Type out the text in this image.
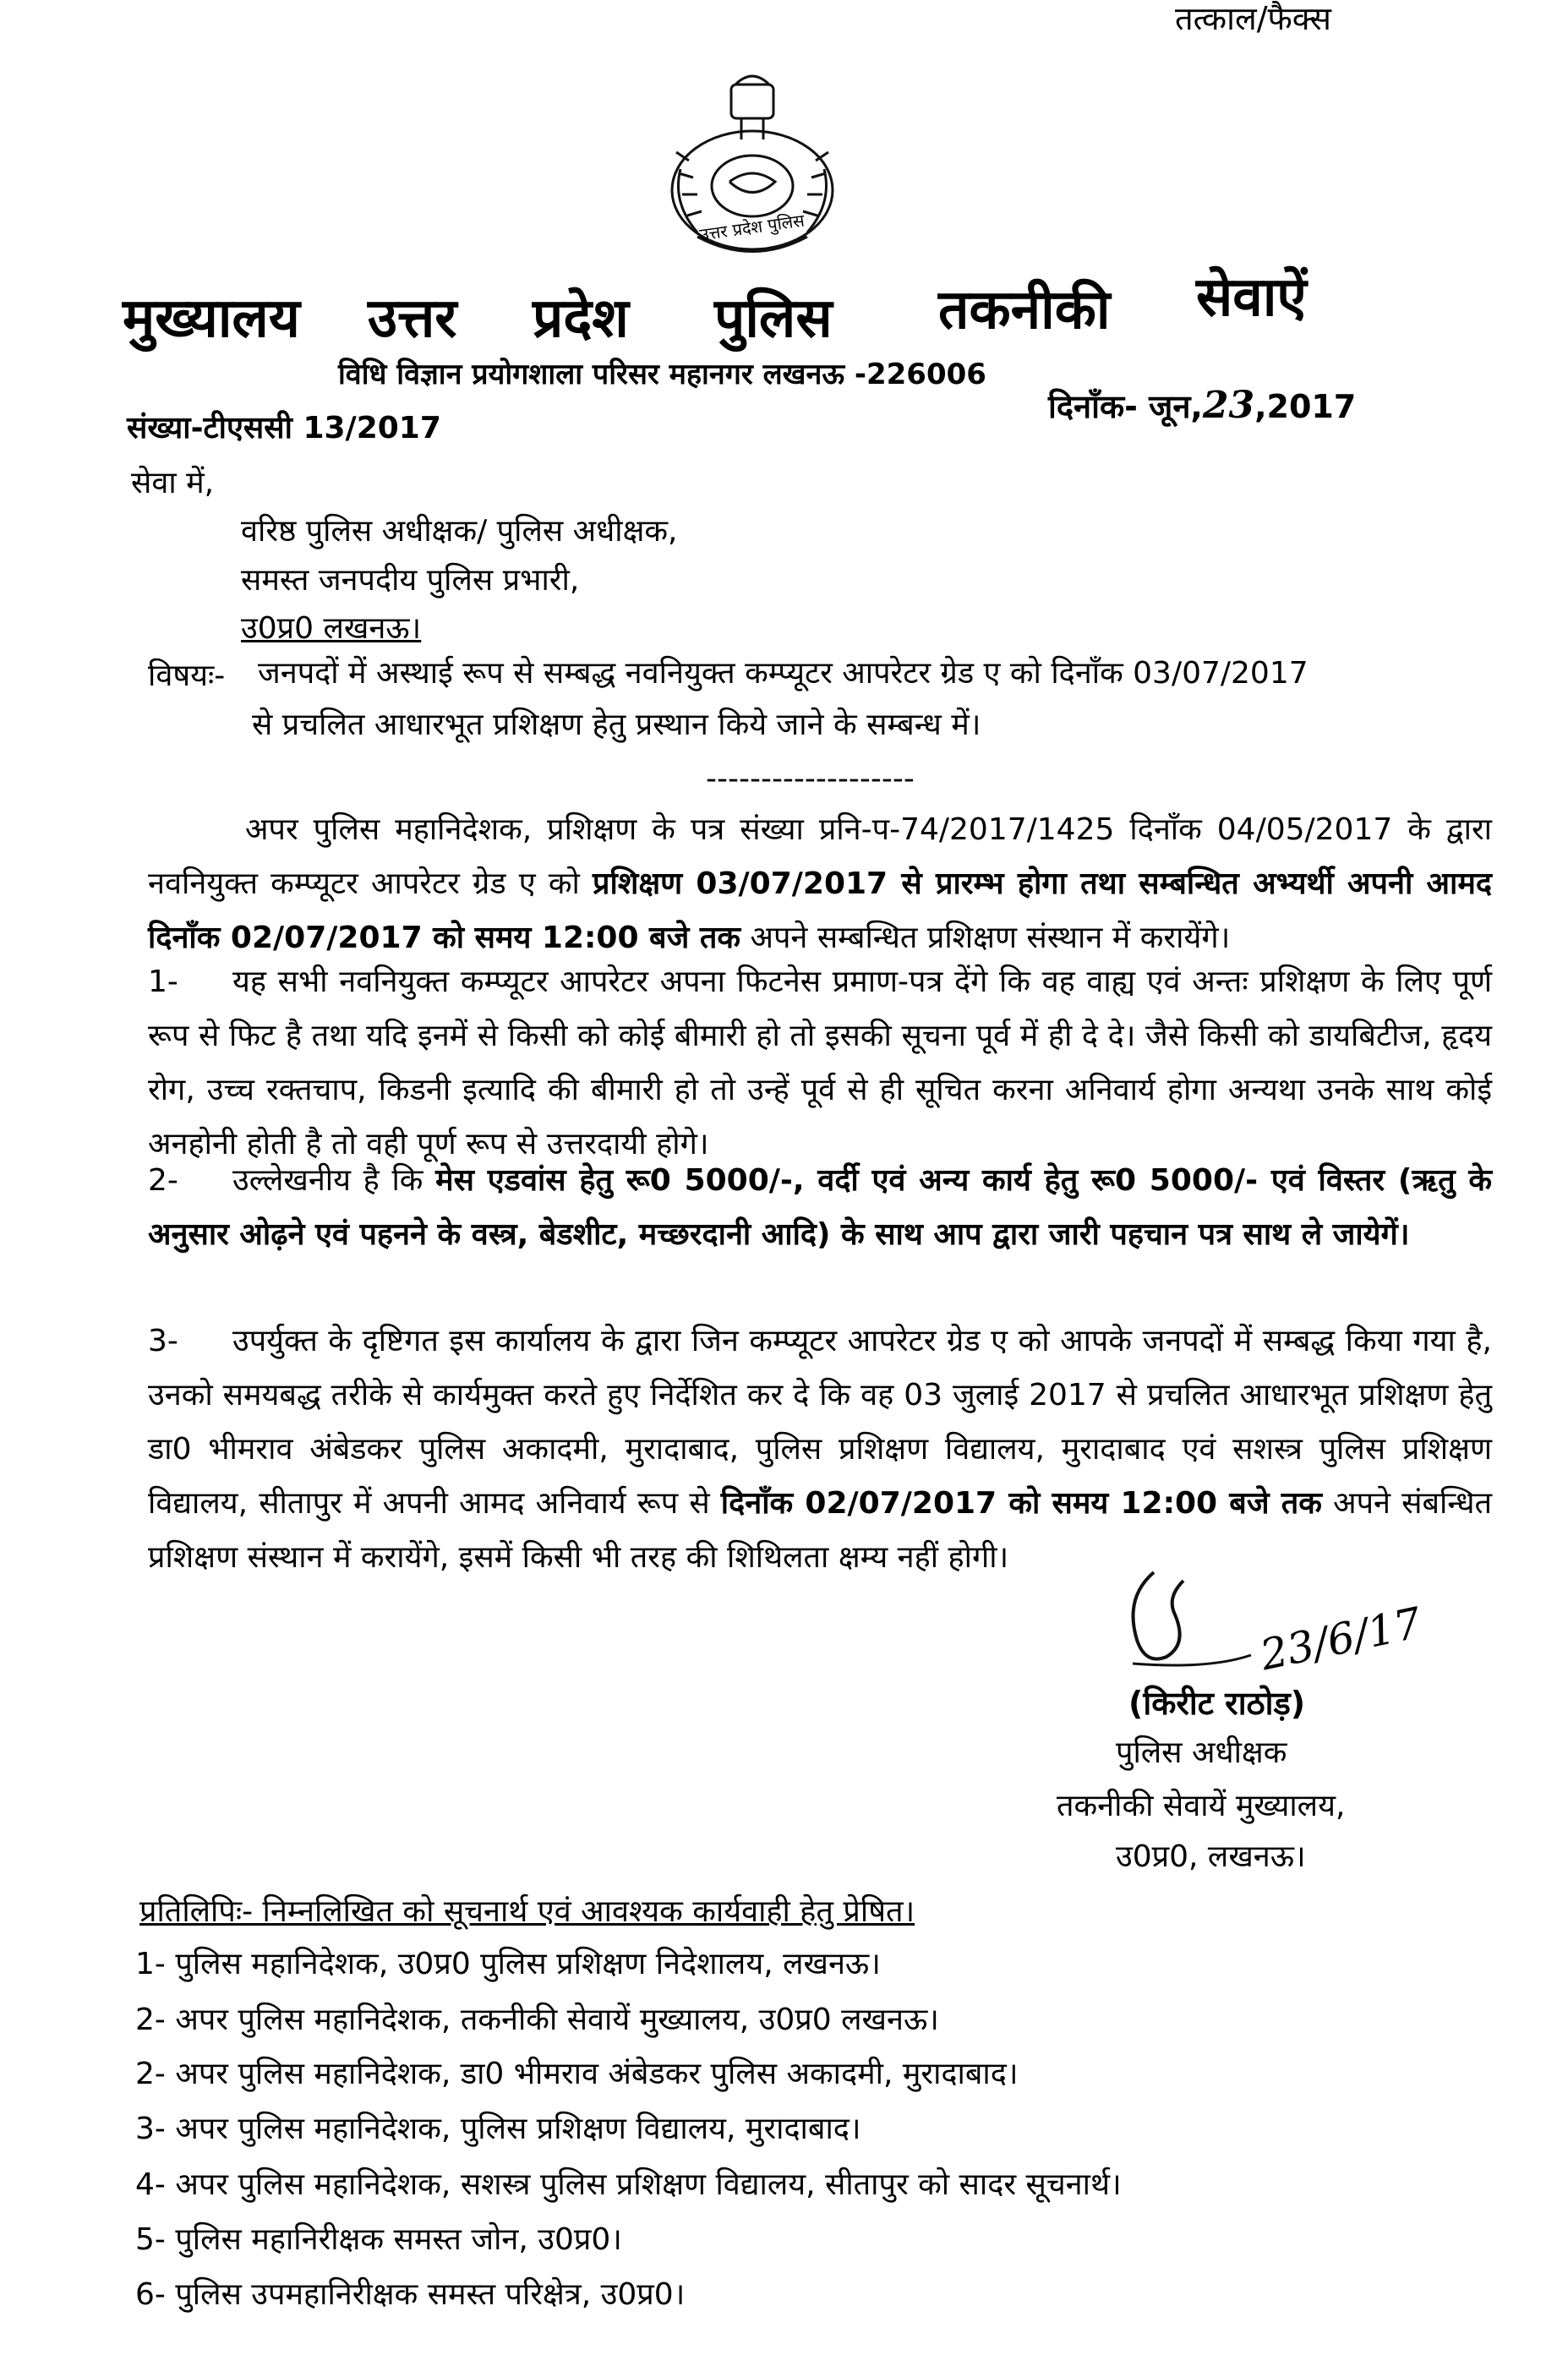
तत्काल/फैक्स
उत्तर प्रदेश पुलिस
मुख्यालय उत्तर प्रदेश पुलिस तकनीकी सेवाऐं
विधि विज्ञान प्रयोगशाला परिसर महानगर लखनऊ -226006
संख्या-टीएससी 13/2017
दिनाँक- जून,23,2017
सेवा में,
वरिष्ठ पुलिस अधीक्षक/ पुलिस अधीक्षक,
समस्त जनपदीय पुलिस प्रभारी,
उ0प्र0 लखनऊ।
विषयः- जनपदों में अस्थाई रूप से सम्बद्ध नवनियुक्त कम्प्यूटर आपरेटर ग्रेड ए को दिनाँक 03/07/2017
से प्रचलित आधारभूत प्रशिक्षण हेतु प्रस्थान किये जाने के सम्बन्ध में।
-------------------
अपर पुलिस महानिदेशक, प्रशिक्षण के पत्र संख्या प्रनि-प-74/2017/1425 दिनाँक 04/05/2017 के द्वारा नवनियुक्त कम्प्यूटर आपरेटर ग्रेड ए को प्रशिक्षण 03/07/2017 से प्रारम्भ होगा तथा सम्बन्धित अभ्यर्थी अपनी आमद दिनाँक 02/07/2017 को समय 12:00 बजे तक अपने सम्बन्धित प्रशिक्षण संस्थान में करायेंगे।
1- यह सभी नवनियुक्त कम्प्यूटर आपरेटर अपना फिटनेस प्रमाण-पत्र देंगे कि वह वाह्य एवं अन्तः प्रशिक्षण के लिए पूर्ण रूप से फिट है तथा यदि इनमें से किसी को कोई बीमारी हो तो इसकी सूचना पूर्व में ही दे दे। जैसे किसी को डायबिटीज, हृदय रोग, उच्च रक्तचाप, किडनी इत्यादि की बीमारी हो तो उन्हें पूर्व से ही सूचित करना अनिवार्य होगा अन्यथा उनके साथ कोई अनहोनी होती है तो वही पूर्ण रूप से उत्तरदायी होगे।
2- उल्लेखनीय है कि मेस एडवांस हेतु रू0 5000/-, वर्दी एवं अन्य कार्य हेतु रू0 5000/- एवं विस्तर (ऋतु के अनुसार ओढ़ने एवं पहनने के वस्त्र, बेडशीट, मच्छरदानी आदि) के साथ आप द्वारा जारी पहचान पत्र साथ ले जायेगें।
3- उपर्युक्त के दृष्टिगत इस कार्यालय के द्वारा जिन कम्प्यूटर आपरेटर ग्रेड ए को आपके जनपदों में सम्बद्ध किया गया है, उनको समयबद्ध तरीके से कार्यमुक्त करते हुए निर्देशित कर दे कि वह 03 जुलाई 2017 से प्रचलित आधारभूत प्रशिक्षण हेतु डा0 भीमराव अंबेडकर पुलिस अकादमी, मुरादाबाद, पुलिस प्रशिक्षण विद्यालय, मुरादाबाद एवं सशस्त्र पुलिस प्रशिक्षण विद्यालय, सीतापुर में अपनी आमद अनिवार्य रूप से दिनाँक 02/07/2017 को समय 12:00 बजे तक अपने संबन्धित प्रशिक्षण संस्थान में करायेंगे, इसमें किसी भी तरह की शिथिलता क्षम्य नहीं होगी।
23/6/17
(किरीट राठोड़)
पुलिस अधीक्षक
तकनीकी सेवायें मुख्यालय,
उ0प्र0, लखनऊ।
प्रतिलिपिः- निम्नलिखित को सूचनार्थ एवं आवश्यक कार्यवाही हेतु प्रेषित।
1- पुलिस महानिदेशक, उ0प्र0 पुलिस प्रशिक्षण निदेशालय, लखनऊ।
2- अपर पुलिस महानिदेशक, तकनीकी सेवायें मुख्यालय, उ0प्र0 लखनऊ।
2- अपर पुलिस महानिदेशक, डा0 भीमराव अंबेडकर पुलिस अकादमी, मुरादाबाद।
3- अपर पुलिस महानिदेशक, पुलिस प्रशिक्षण विद्यालय, मुरादाबाद।
4- अपर पुलिस महानिदेशक, सशस्त्र पुलिस प्रशिक्षण विद्यालय, सीतापुर को सादर सूचनार्थ।
5- पुलिस महानिरीक्षक समस्त जोन, उ0प्र0।
6- पुलिस उपमहानिरीक्षक समस्त परिक्षेत्र, उ0प्र0।
